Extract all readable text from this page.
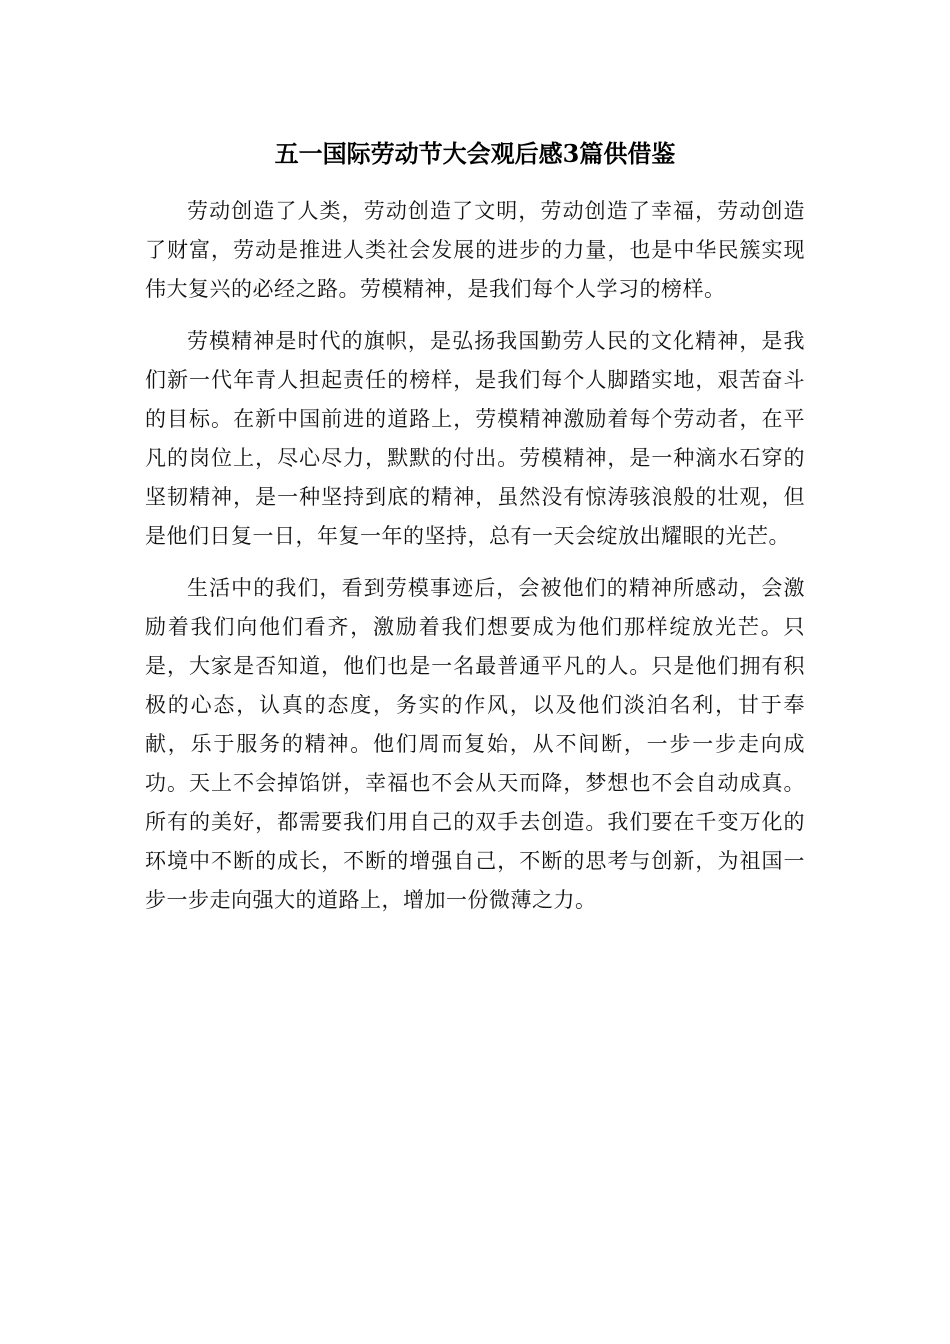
五一国际劳动节大会观后感3篇供借鉴

劳动创造了人类，劳动创造了文明，劳动创造了幸福，劳动创造了财富，劳动是推进人类社会发展的进步的力量，也是中华民簇实现伟大复兴的必经之路。劳模精神，是我们每个人学习的榜样。

劳模精神是时代的旗帜，是弘扬我国勤劳人民的文化精神，是我们新一代年青人担起责任的榜样，是我们每个人脚踏实地，艰苦奋斗的目标。在新中国前进的道路上，劳模精神激励着每个劳动者，在平凡的岗位上，尽心尽力，默默的付出。劳模精神，是一种滴水石穿的坚韧精神，是一种坚持到底的精神，虽然没有惊涛骇浪般的壮观，但是他们日复一日，年复一年的坚持，总有一天会绽放出耀眼的光芒。

生活中的我们，看到劳模事迹后，会被他们的精神所感动，会激励着我们向他们看齐，激励着我们想要成为他们那样绽放光芒。只是，大家是否知道，他们也是一名最普通平凡的人。只是他们拥有积极的心态，认真的态度，务实的作风，以及他们淡泊名利，甘于奉献，乐于服务的精神。他们周而复始，从不间断，一步一步走向成功。天上不会掉馅饼，幸福也不会从天而降，梦想也不会自动成真。所有的美好，都需要我们用自己的双手去创造。我们要在千变万化的环境中不断的成长，不断的增强自己，不断的思考与创新，为祖国一步一步走向强大的道路上，增加一份微薄之力。
